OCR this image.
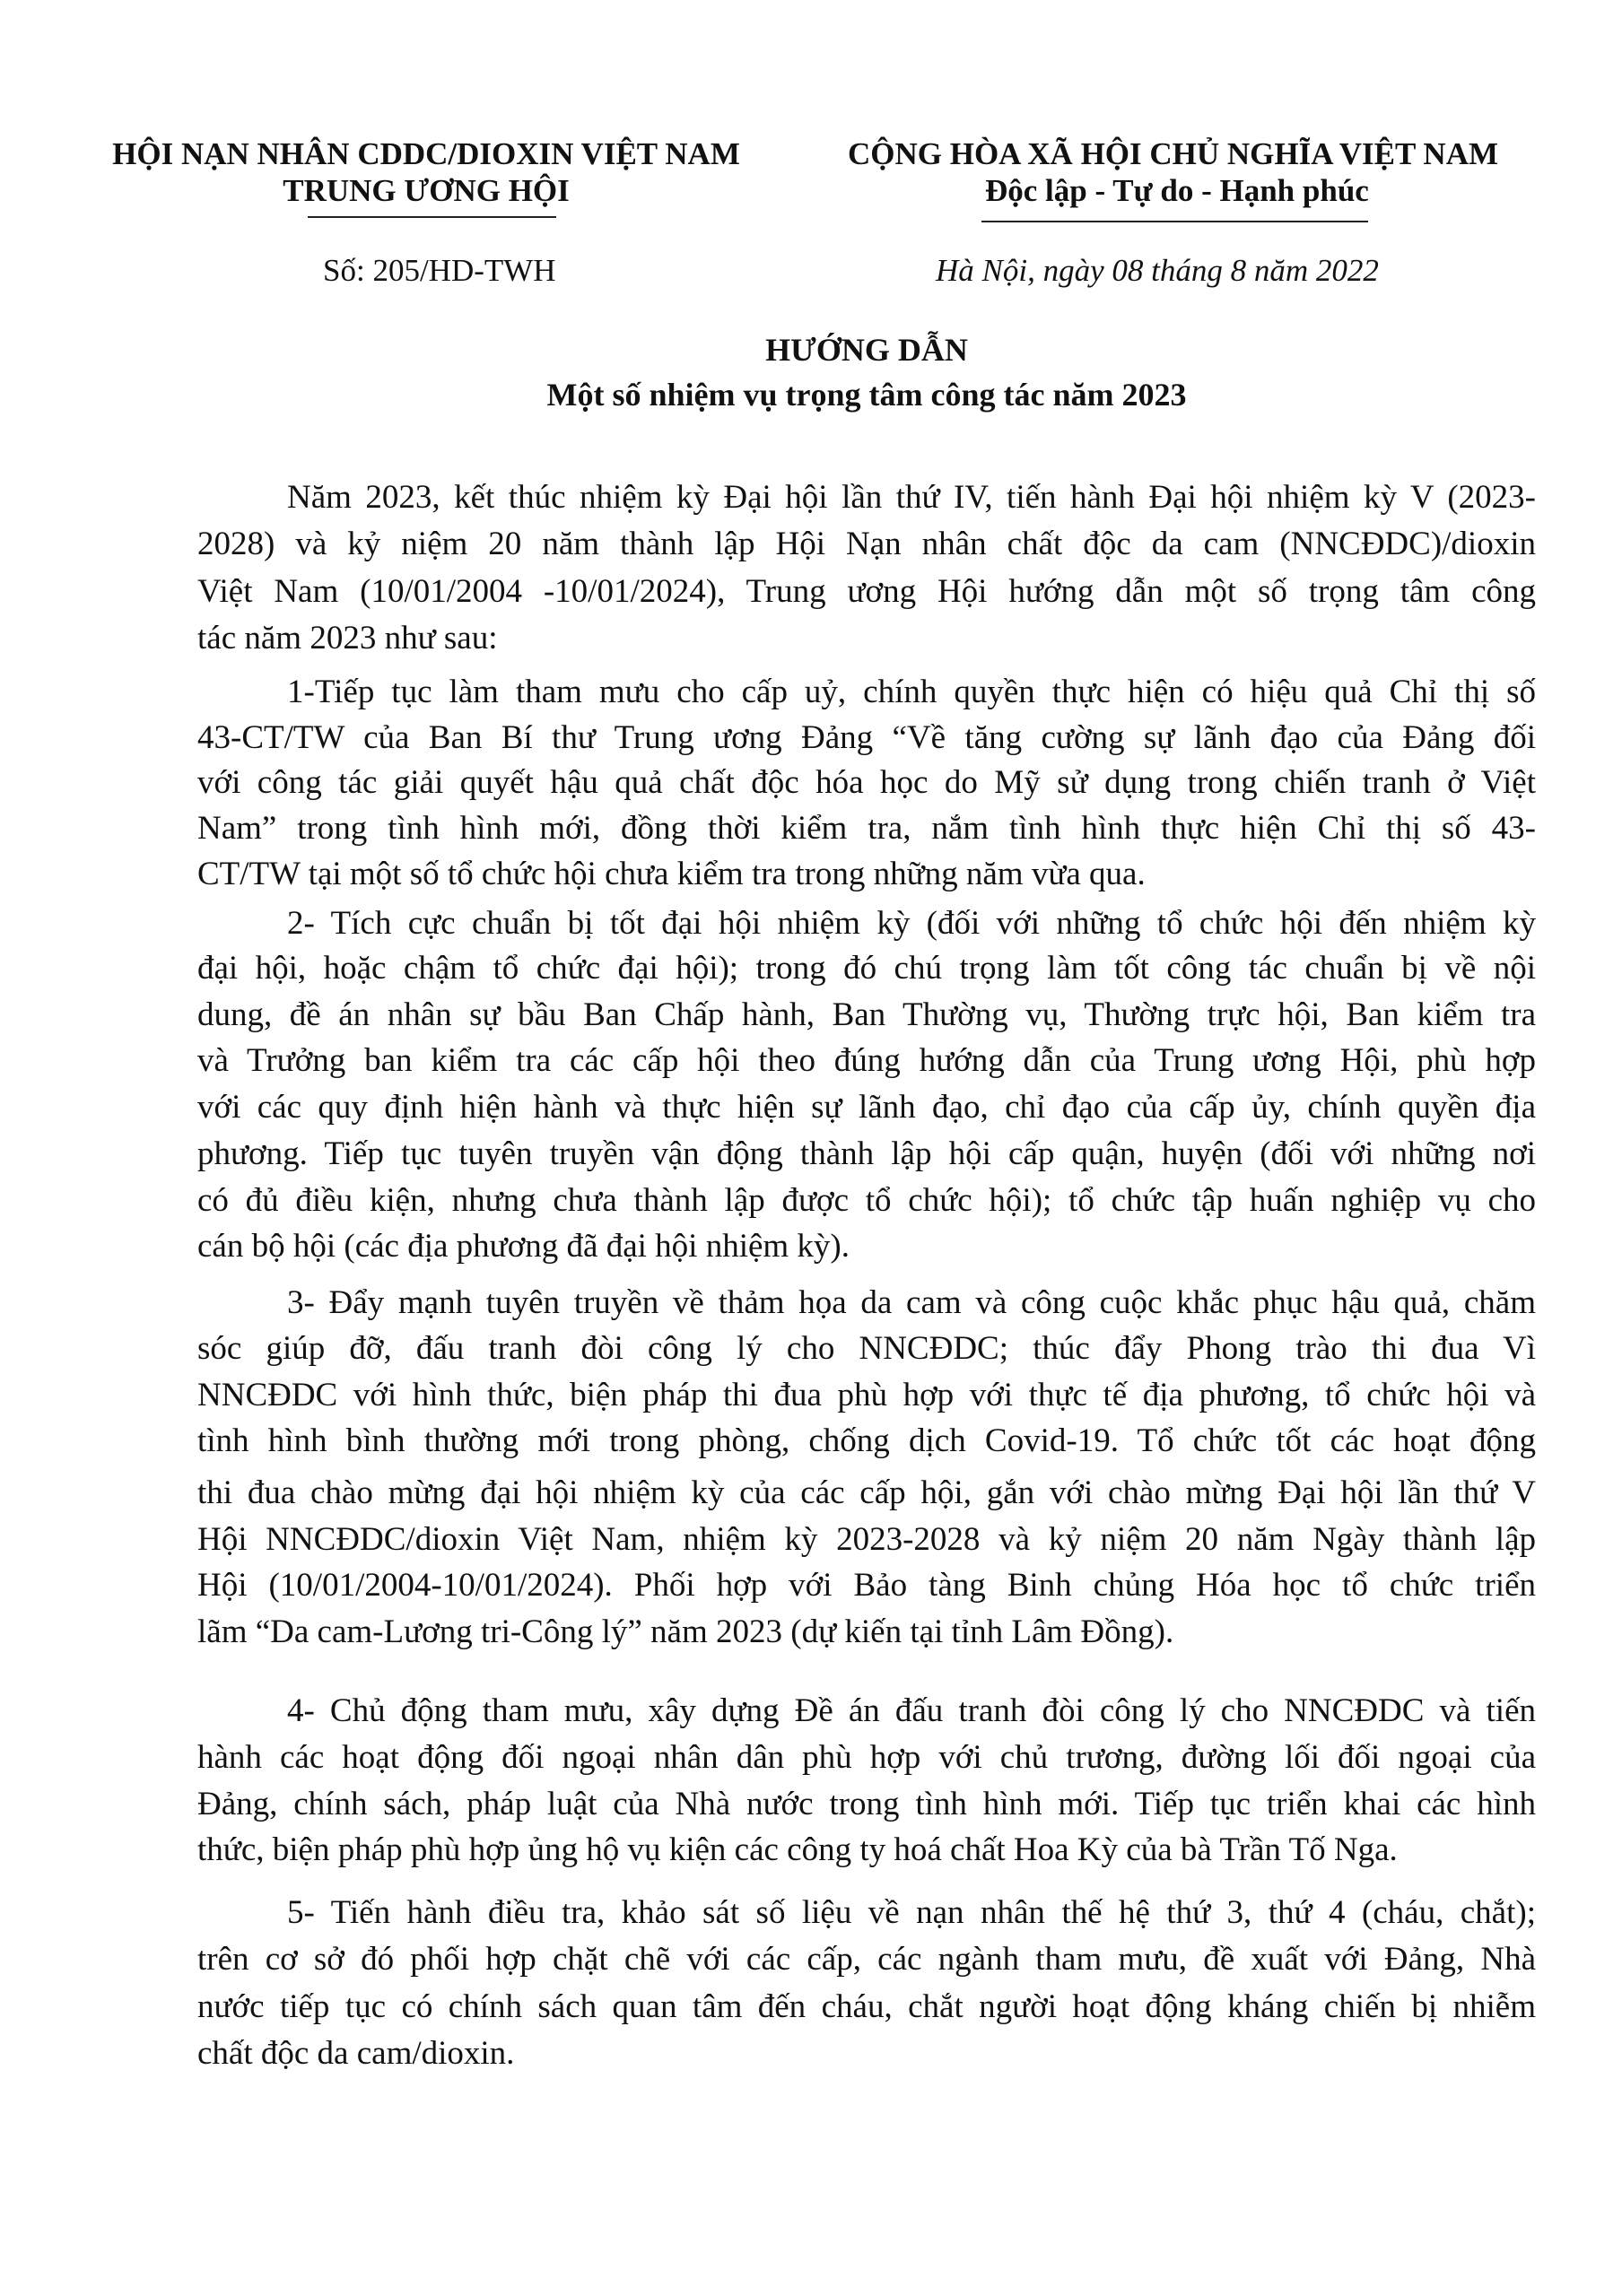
HỘI NẠN NHÂN CDDC/DIOXIN VIỆT NAM
TRUNG ƯƠNG HỘI
CỘNG HÒA XÃ HỘI CHỦ NGHĨA VIỆT NAM
Độc lập - Tự do - Hạnh phúc
Số: 205/HD-TWH	Hà Nội, ngày 08 tháng 8 năm 2022
HƯỚNG DẪN
Một số nhiệm vụ trọng tâm công tác năm 2023
Năm 2023, kết thúc nhiệm kỳ Đại hội lần thứ IV, tiến hành Đại hội nhiệm kỳ V (2023-
2028) và kỷ niệm 20 năm thành lập Hội Nạn nhân chất độc da cam (NNCĐDC)/dioxin
Việt Nam (10/01/2004 -10/01/2024), Trung ương Hội hướng dẫn một số trọng tâm công
tác năm 2023 như sau:
1-Tiếp tục làm tham mưu cho cấp uỷ, chính quyền thực hiện có hiệu quả Chỉ thị số
43-CT/TW của Ban Bí thư Trung ương Đảng “Về tăng cường sự lãnh đạo của Đảng đối
với công tác giải quyết hậu quả chất độc hóa học do Mỹ sử dụng trong chiến tranh ở Việt
Nam” trong tình hình mới, đồng thời kiểm tra, nắm tình hình thực hiện Chỉ thị số 43-
CT/TW tại một số tổ chức hội chưa kiểm tra trong những năm vừa qua.
2- Tích cực chuẩn bị tốt đại hội nhiệm kỳ (đối với những tổ chức hội đến nhiệm kỳ
đại hội, hoặc chậm tổ chức đại hội); trong đó chú trọng làm tốt công tác chuẩn bị về nội
dung, đề án nhân sự bầu Ban Chấp hành, Ban Thường vụ, Thường trực hội, Ban kiểm tra
và Trưởng ban kiểm tra các cấp hội theo đúng hướng dẫn của Trung ương Hội, phù hợp
với các quy định hiện hành và thực hiện sự lãnh đạo, chỉ đạo của cấp ủy, chính quyền địa
phương. Tiếp tục tuyên truyền vận động thành lập hội cấp quận, huyện (đối với những nơi
có đủ điều kiện, nhưng chưa thành lập được tổ chức hội); tổ chức tập huấn nghiệp vụ cho
cán bộ hội (các địa phương đã đại hội nhiệm kỳ).
3- Đẩy mạnh tuyên truyền về thảm họa da cam và công cuộc khắc phục hậu quả, chăm
sóc giúp đỡ, đấu tranh đòi công lý cho NNCĐDC; thúc đẩy Phong trào thi đua Vì
NNCĐDC với hình thức, biện pháp thi đua phù hợp với thực tế địa phương, tổ chức hội và
tình hình bình thường mới trong phòng, chống dịch Covid-19. Tổ chức tốt các hoạt động
thi đua chào mừng đại hội nhiệm kỳ của các cấp hội, gắn với chào mừng Đại hội lần thứ V
Hội NNCĐDC/dioxin Việt Nam, nhiệm kỳ 2023-2028 và kỷ niệm 20 năm Ngày thành lập
Hội (10/01/2004-10/01/2024). Phối hợp với Bảo tàng Binh chủng Hóa học tổ chức triển
lãm “Da cam-Lương tri-Công lý” năm 2023 (dự kiến tại tỉnh Lâm Đồng).
4- Chủ động tham mưu, xây dựng Đề án đấu tranh đòi công lý cho NNCĐDC và tiến
hành các hoạt động đối ngoại nhân dân phù hợp với chủ trương, đường lối đối ngoại của
Đảng, chính sách, pháp luật của Nhà nước trong tình hình mới. Tiếp tục triển khai các hình
thức, biện pháp phù hợp ủng hộ vụ kiện các công ty hoá chất Hoa Kỳ của bà Trần Tố Nga.
5- Tiến hành điều tra, khảo sát số liệu về nạn nhân thế hệ thứ 3, thứ 4 (cháu, chắt);
trên cơ sở đó phối hợp chặt chẽ với các cấp, các ngành tham mưu, đề xuất với Đảng, Nhà
nước tiếp tục có chính sách quan tâm đến cháu, chắt người hoạt động kháng chiến bị nhiễm
chất độc da cam/dioxin.
